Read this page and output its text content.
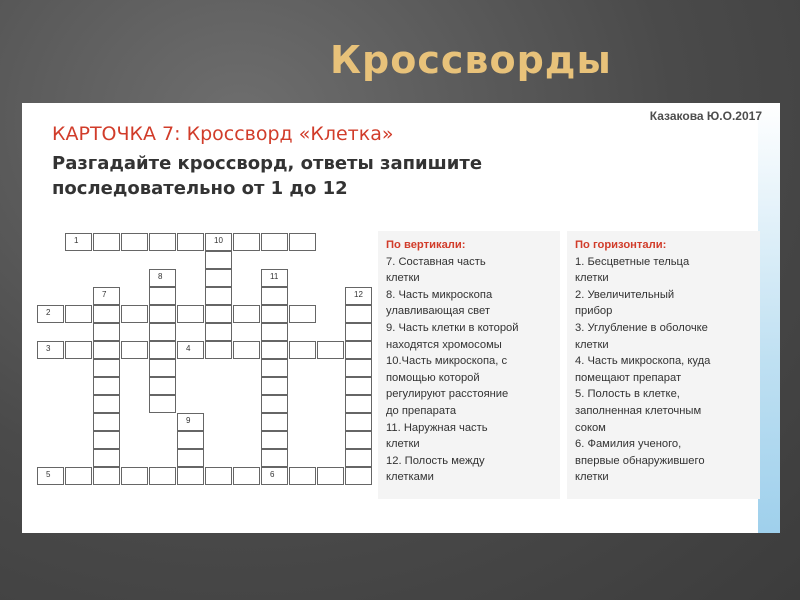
Кроссворды
Казакова Ю.О.2017
КАРТОЧКА 7: Кроссворд «Клетка»
Разгадайте кроссворд, ответы запишите последовательно от 1 до 12
1	10
2
3	4
5	6
7
8
9
11
12
По вертикали:
7. Составная часть
клетки
8. Часть микроскопа
улавливающая свет
9. Часть клетки в которой
находятся хромосомы
10.Часть микроскопа, с
помощью которой
регулируют расстояние
до препарата
11. Наружная часть
клетки
12. Полость между
клетками
По горизонтали:
1. Бесцветные тельца
клетки
2. Увеличительный
прибор
3. Углубление в оболочке
клетки
4. Часть микроскопа, куда
помещают препарат
5. Полость в клетке,
заполненная клеточным
соком
6. Фамилия ученого,
впервые обнаружившего
клетки
